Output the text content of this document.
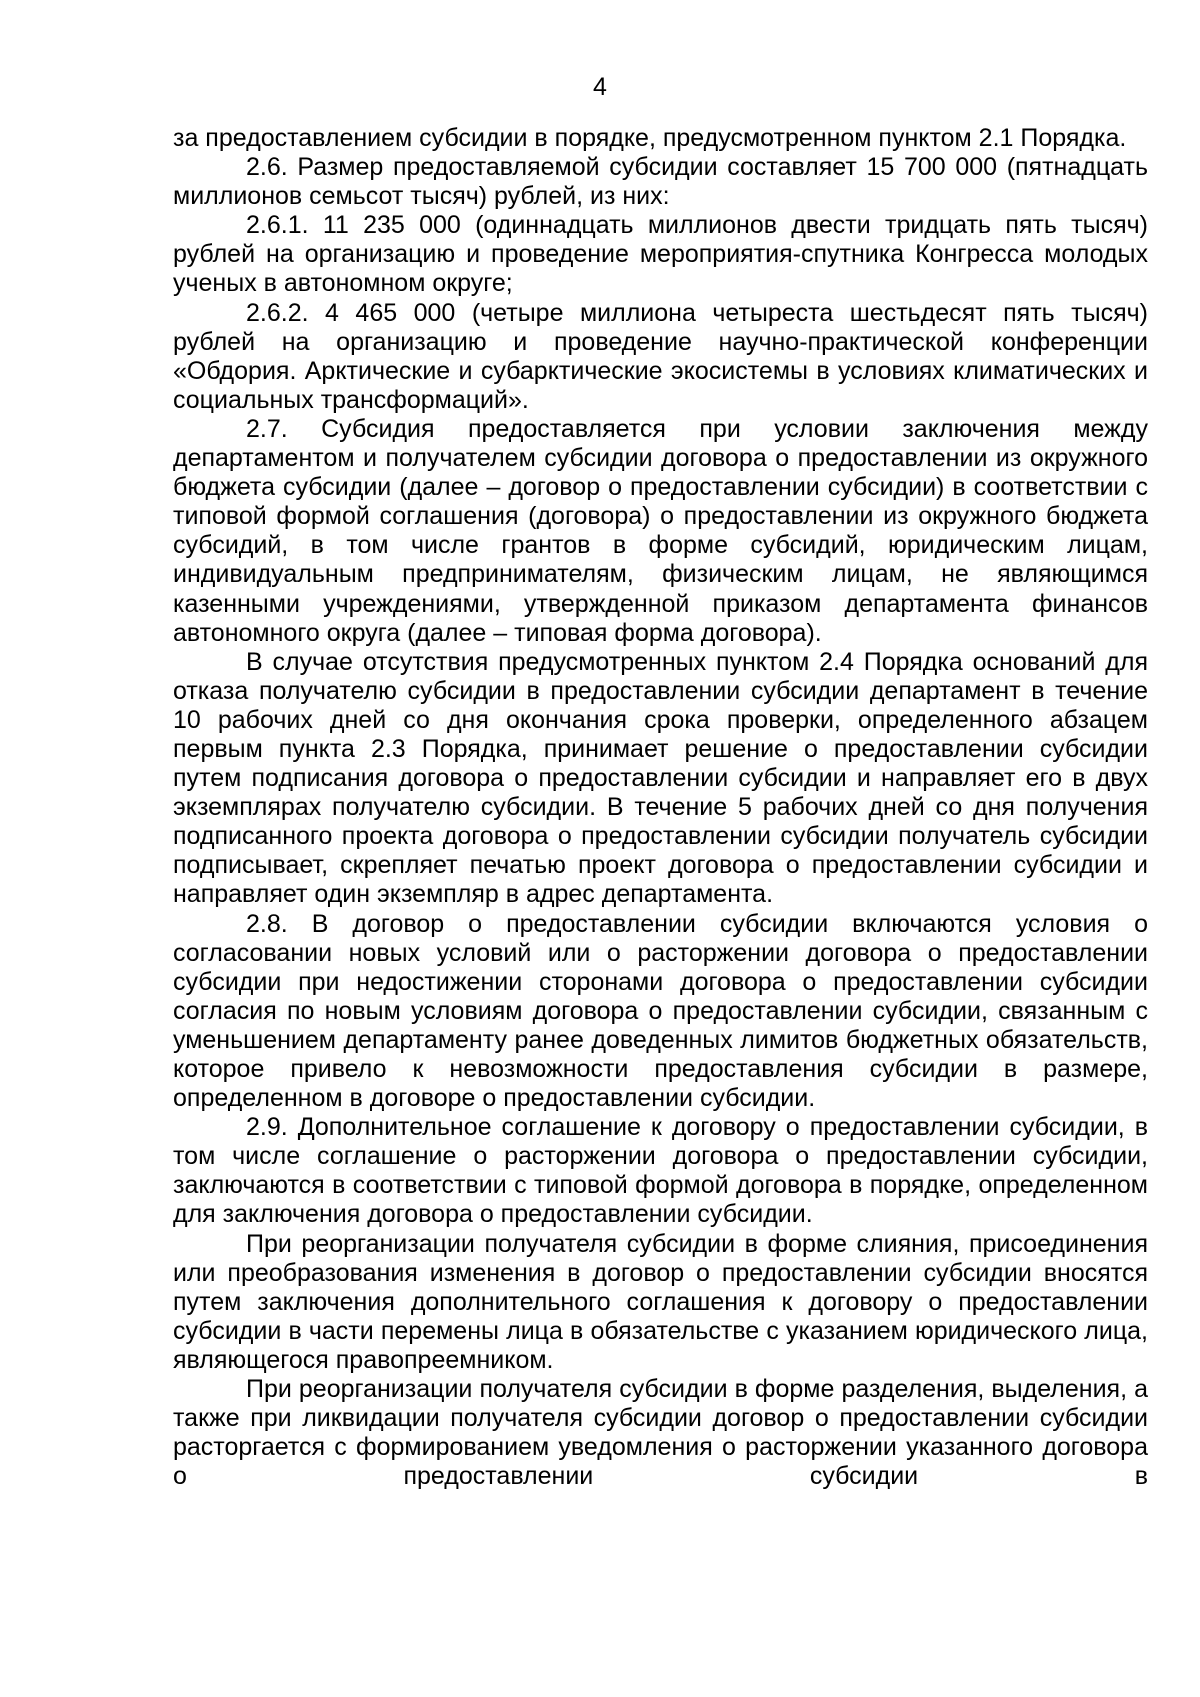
4

за предоставлением субсидии в порядке, предусмотренном пунктом 2.1 Порядка.

2.6. Размер предоставляемой субсидии составляет 15 700 000 (пятнадцать миллионов семьсот тысяч) рублей, из них:

2.6.1. 11 235 000 (одиннадцать миллионов двести тридцать пять тысяч) рублей на организацию и проведение мероприятия-спутника Конгресса молодых ученых в автономном округе;

2.6.2. 4 465 000 (четыре миллиона четыреста шестьдесят пять тысяч) рублей на организацию и проведение научно-практической конференции «Обдория. Арктические и субарктические экосистемы в условиях климатических и социальных трансформаций».

2.7. Субсидия предоставляется при условии заключения между департаментом и получателем субсидии договора о предоставлении из окружного бюджета субсидии (далее – договор о предоставлении субсидии) в соответствии с типовой формой соглашения (договора) о предоставлении из окружного бюджета субсидий, в том числе грантов в форме субсидий, юридическим лицам, индивидуальным предпринимателям, физическим лицам, не являющимся казенными учреждениями, утвержденной приказом департамента финансов автономного округа (далее – типовая форма договора).

В случае отсутствия предусмотренных пунктом 2.4 Порядка оснований для отказа получателю субсидии в предоставлении субсидии департамент в течение 10 рабочих дней со дня окончания срока проверки, определенного абзацем первым пункта 2.3 Порядка, принимает решение о предоставлении субсидии путем подписания договора о предоставлении субсидии и направляет его в двух экземплярах получателю субсидии. В течение 5 рабочих дней со дня получения подписанного проекта договора о предоставлении субсидии получатель субсидии подписывает, скрепляет печатью проект договора о предоставлении субсидии и направляет один экземпляр в адрес департамента.

2.8. В договор о предоставлении субсидии включаются условия о согласовании новых условий или о расторжении договора о предоставлении субсидии при недостижении сторонами договора о предоставлении субсидии согласия по новым условиям договора о предоставлении субсидии, связанным с уменьшением департаменту ранее доведенных лимитов бюджетных обязательств, которое привело к невозможности предоставления субсидии в размере, определенном в договоре о предоставлении субсидии.

2.9. Дополнительное соглашение к договору о предоставлении субсидии, в том числе соглашение о расторжении договора о предоставлении субсидии, заключаются в соответствии с типовой формой договора в порядке, определенном для заключения договора о предоставлении субсидии.

При реорганизации получателя субсидии в форме слияния, присоединения или преобразования изменения в договор о предоставлении субсидии вносятся путем заключения дополнительного соглашения к договору о предоставлении субсидии в части перемены лица в обязательстве с указанием юридического лица, являющегося правопреемником.

При реорганизации получателя субсидии в форме разделения, выделения, а также при ликвидации получателя субсидии договор о предоставлении субсидии расторгается с формированием уведомления о расторжении указанного договора о предоставлении субсидии в
